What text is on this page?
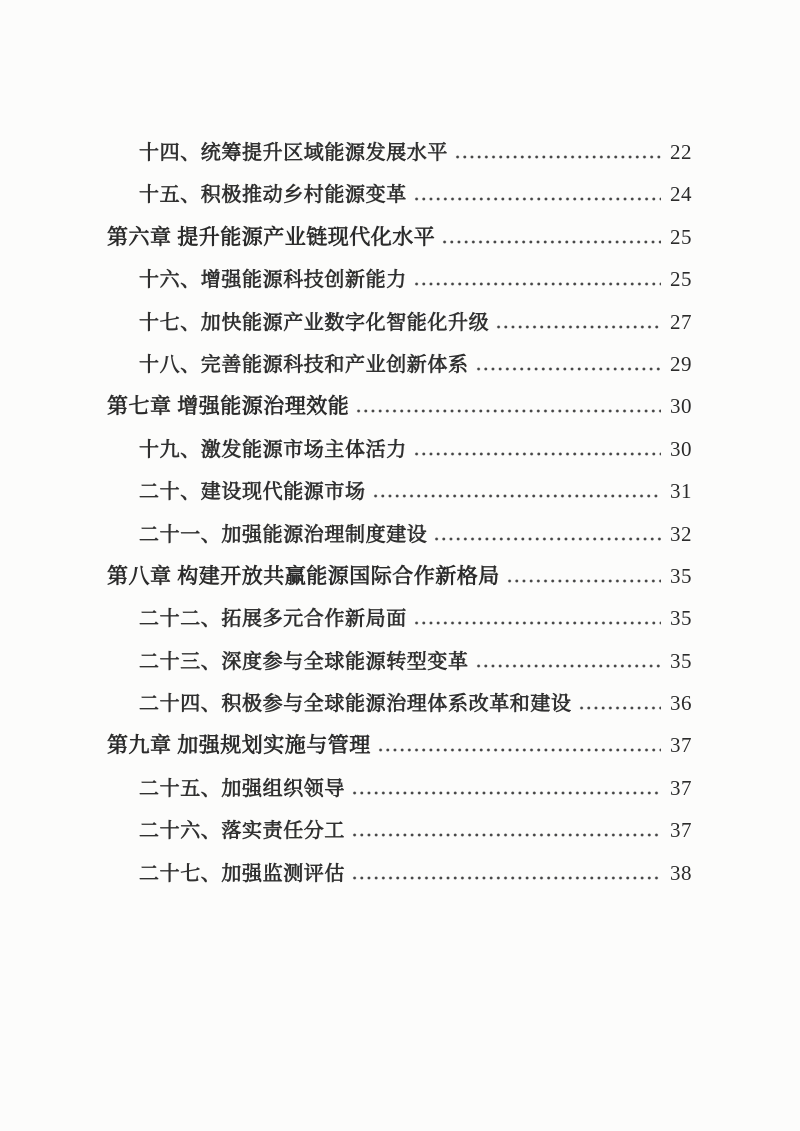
十四、统筹提升区域能源发展水平	22
十五、积极推动乡村能源变革	24
第六章 提升能源产业链现代化水平	25
十六、增强能源科技创新能力	25
十七、加快能源产业数字化智能化升级	27
十八、完善能源科技和产业创新体系	29
第七章 增强能源治理效能	30
十九、激发能源市场主体活力	30
二十、建设现代能源市场	31
二十一、加强能源治理制度建设	32
第八章 构建开放共赢能源国际合作新格局	35
二十二、拓展多元合作新局面	35
二十三、深度参与全球能源转型变革	35
二十四、积极参与全球能源治理体系改革和建设	36
第九章 加强规划实施与管理	37
二十五、加强组织领导	37
二十六、落实责任分工	37
二十七、加强监测评估	38
